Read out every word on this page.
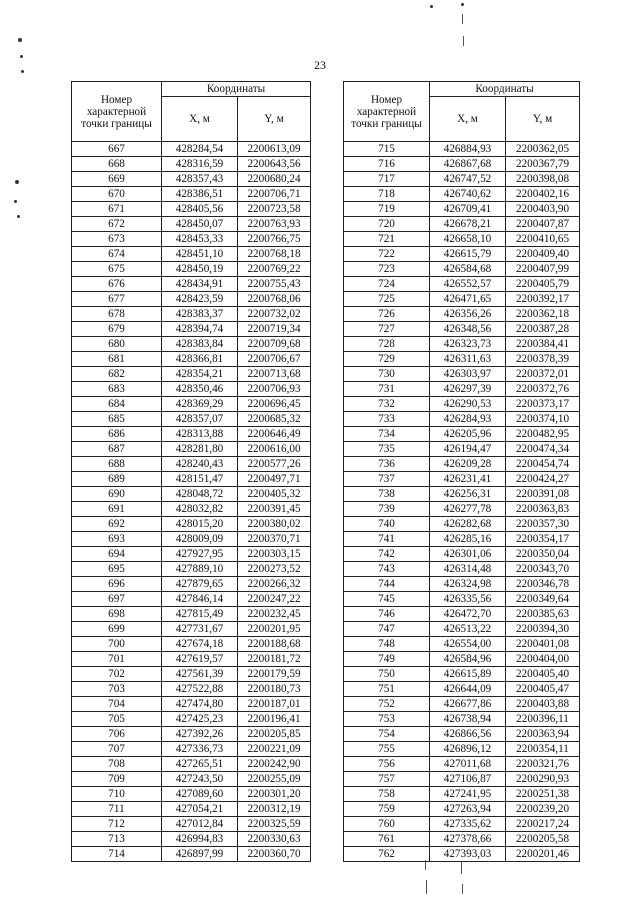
23
Номер характерной точки границы	Координаты	
	X, м	Y, м
667	428284,54	2200613,09
668	428316,59	2200643,56
669	428357,43	2200680,24
670	428386,51	2200706,71
671	428405,56	2200723,58
672	428450,07	2200763,93
673	428453,33	2200766,75
674	428451,10	2200768,18
675	428450,19	2200769,22
676	428434,91	2200755,43
677	428423,59	2200768,06
678	428383,37	2200732,02
679	428394,74	2200719,34
680	428383,84	2200709,68
681	428366,81	2200706,67
682	428354,21	2200713,68
683	428350,46	2200706,93
684	428369,29	2200696,45
685	428357,07	2200685,32
686	428313,88	2200646,49
687	428281,80	2200616,00
688	428240,43	2200577,26
689	428151,47	2200497,71
690	428048,72	2200405,32
691	428032,82	2200391,45
692	428015,20	2200380,02
693	428009,09	2200370,71
694	427927,95	2200303,15
695	427889,10	2200273,52
696	427879,65	2200266,32
697	427846,14	2200247,22
698	427815,49	2200232,45
699	427731,67	2200201,95
700	427674,18	2200188,68
701	427619,57	2200181,72
702	427561,39	2200179,59
703	427522,88	2200180,73
704	427474,80	2200187,01
705	427425,23	2200196,41
706	427392,26	2200205,85
707	427336,73	2200221,09
708	427265,51	2200242,90
709	427243,50	2200255,09
710	427089,60	2200301,20
711	427054,21	2200312,19
712	427012,84	2200325,59
713	426994,83	2200330,63
714	426897,99	2200360,70
Номер характерной точки границы	Координаты	
	X, м	Y, м
715	426884,93	2200362,05
716	426867,68	2200367,79
717	426747,52	2200398,08
718	426740,62	2200402,16
719	426709,41	2200403,90
720	426678,21	2200407,87
721	426658,10	2200410,65
722	426615,79	2200409,40
723	426584,68	2200407,99
724	426552,57	2200405,79
725	426471,65	2200392,17
726	426356,26	2200362,18
727	426348,56	2200387,28
728	426323,73	2200384,41
729	426311,63	2200378,39
730	426303,97	2200372,01
731	426297,39	2200372,76
732	426290,53	2200373,17
733	426284,93	2200374,10
734	426205,96	2200482,95
735	426194,47	2200474,34
736	426209,28	2200454,74
737	426231,41	2200424,27
738	426256,31	2200391,08
739	426277,78	2200363,83
740	426282,68	2200357,30
741	426285,16	2200354,17
742	426301,06	2200350,04
743	426314,48	2200343,70
744	426324,98	2200346,78
745	426335,56	2200349,64
746	426472,70	2200385,63
747	426513,22	2200394,30
748	426554,00	2200401,08
749	426584,96	2200404,00
750	426615,89	2200405,40
751	426644,09	2200405,47
752	426677,86	2200403,88
753	426738,94	2200396,11
754	426866,56	2200363,94
755	426896,12	2200354,11
756	427011,68	2200321,76
757	427106,87	2200290,93
758	427241,95	2200251,38
759	427263,94	2200239,20
760	427335,62	2200217,24
761	427378,66	2200205,58
762	427393,03	2200201,46
